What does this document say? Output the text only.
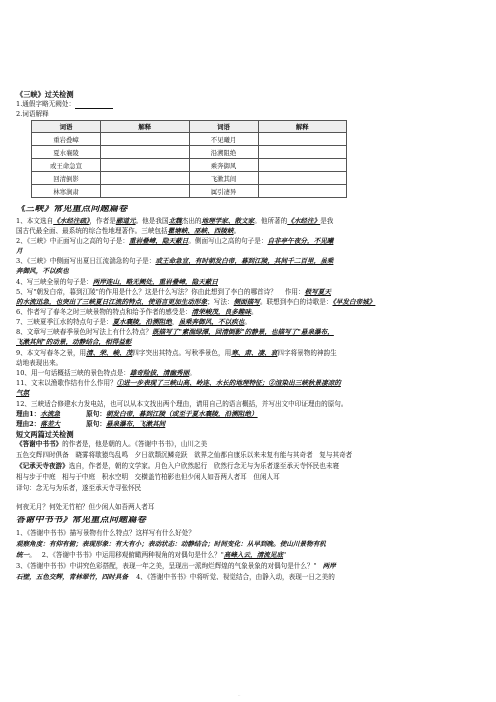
《三峡》过关检测
1.通假字略无阙处：
2.词语解释
词语	解释	词语	解释
重岩叠嶂		不见曦月	
夏水襄陵		沿溯阻绝	
或王命急宣		乘奔御风	
回清倒影		飞漱其间	
林寒涧肃		属引凄异	
《三峡》常见重点问题篇卷
1、本文选自《水经注疏》，作者是郦道元。他是我国北魏杰出的地理学家、散文家。他所著的《水经注》是我
国古代最全面、最系统的综合性地理著作。三峡包括瞿塘峡、巫峡、西陵峡。
2、《三峡》中正面写山之高的句子是：重岩叠嶂，隐天蔽日。侧面写山之高的句子是：自非亭午夜分，不见曦
月
3、《三峡》中侧面写出夏日江流湍急的句子是：或王命急宣，有时朝发白帝，暮到江陵，其间千二百里，虽乘
奔御风，不以疾也
4、写三峡全景的句子是：两岸连山，略无阙处，重岩叠嶂，隐天蔽日
5、写"朝发白帝，暮到江陵"的作用是什么？这是什么写法？你由此想到了李白的哪首诗？ 作用：极写夏天
的水流迅急，也突出了三峡夏日江流的特点，使语言更加生动形象；写法：侧面描写。联想到李白的诗歌是：《早发白帝城》
6、作者写了春冬之时三峡景物的特点和给予作者的感受是：清荣峻茂，良多趣味。
7、三峡夏季江水的特点句子是：夏水襄陵，沿溯阻绝，虽乘奔御风，不以疾也。
8、文章写三峡春季景色时写法上有什么特点？既描写了"素湍绿潭，回清倒影"的静景，也描写了"悬泉瀑布，
飞漱其间"的动景，动静结合，相得益彰
9、本文写春冬之景，用清、荣、峻、茂四字突出其特点。写秋季景色，用寒、肃、凄、哀四字将景物的神韵生
动地表现出来。
10、用一句话概括三峡的景色特点是：雄奇险拔，清幽秀丽。
11、文末以渔歌作结有什么作用？①进一步表现了三峡山高、岭连、水长的地理特征；②渲染出三峡秋景凄凉的
气氛
12、三峡适合修建水力发电站，也可以从本文找出两个理由，请用自己的语言概括，并写出文中印证理由的原句。
理由1：水流急	原句：朝发白帝，暮到江陵（或至于夏水襄陵，沿溯阻绝）
理由2：落差大	原句：悬泉瀑布，飞漱其间
短文两篇过关检测
《答谢中书书》的作者是，他是朝的人。《答谢中书书》，山川之美
五色交辉四时俱备　晓雾将歇猿鸟乱鸣　夕日欲颓沉鳞竞跃　欲界之仙都自康乐以来未复有能与其奇者　复与其奇者
《记承天寺夜游》选自，作者是，朝的文学家。月色入户欣然起行　欣然行念无与为乐者遂至承天寺怀民也未寝
相与步于中庭　相与于中庭　积水空明　交横盖竹柏影也但少闲人如吾两人者耳　但闲人耳
译句：念无与为乐者，遂至承天寺寻张怀民
何夜无月？何处无竹柏？但少闲人如吾两人者耳
答谢中书书》常见重点问题篇卷
1、《答谢中书书》描写景物有什么特点？这样写有什么好处？
观察角度：有仰有俯；表现形象：有大有小；表动状态：动静结合；时间变化：从早到晚。使山川景物有机
统一。 2、《答谢中书书》中运用移观俯瞰两种视角的对偶句是什么？"高峰入云，清流见底"
3、《答谢中书书》中讲究色彩搭配，表现一年之美，呈现出一派绚烂辉煌的气象景象的对偶句是什么？" 两岸
石壁，五色交辉，青林翠竹，四时具备 4、《答谢中书书》中将听觉、视觉结合，由静入动，表现一日之美的
..
